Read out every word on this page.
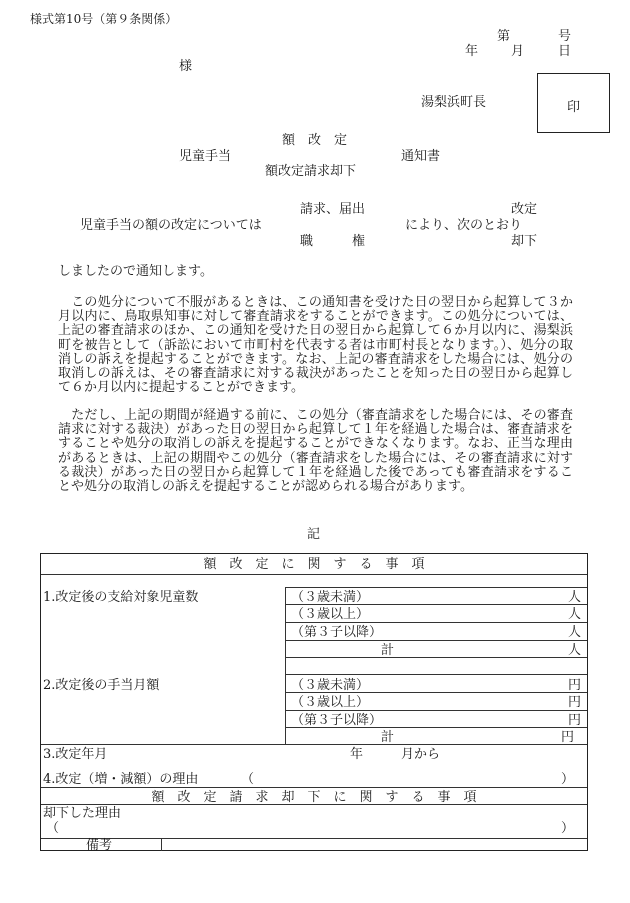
様式第10号（第９条関係）
第	号
年	月	日
様
湯梨浜町長	印
額　改　定
児童手当	通知書
額改定請求却下
請求、届出	改定
児童手当の額の改定については	により、次のとおり
職　　　権	却下
しましたので通知します。
この処分について不服があるときは、この通知書を受けた日の翌日から起算して３か月以内に、鳥取県知事に対して審査請求をすることができます。この処分については、上記の審査請求のほか、この通知を受けた日の翌日から起算して６か月以内に、湯梨浜町を被告として（訴訟において市町村を代表する者は市町村長となります。）、処分の取消しの訴えを提起することができます。なお、上記の審査請求をした場合には、処分の取消しの訴えは、その審査請求に対する裁決があったことを知った日の翌日から起算して６か月以内に提起することができます。
ただし、上記の期間が経過する前に、この処分（審査請求をした場合には、その審査請求に対する裁決）があった日の翌日から起算して１年を経過した場合は、審査請求をすることや処分の取消しの訴えを提起することができなくなります。なお、正当な理由があるときは、上記の期間やこの処分（審査請求をした場合には、その審査請求に対する裁決）があった日の翌日から起算して１年を経過した後であっても審査請求をすることや処分の取消しの訴えを提起することが認められる場合があります。
記
額　改　定　に　関　す　る　事　項
1.改定後の支給対象児童数	（３歳未満）	人
（３歳以上）	人
（第３子以降）	人
計	人
2.改定後の手当月額	（３歳未満）	円
（３歳以上）	円
（第３子以降）	円
計	円
3.改定年月	年	月から
4.改定（増・減額）の理由	（	）
額　改　定　請　求　却　下　に　関　す　る　事　項
却下した理由
（	）
備考
